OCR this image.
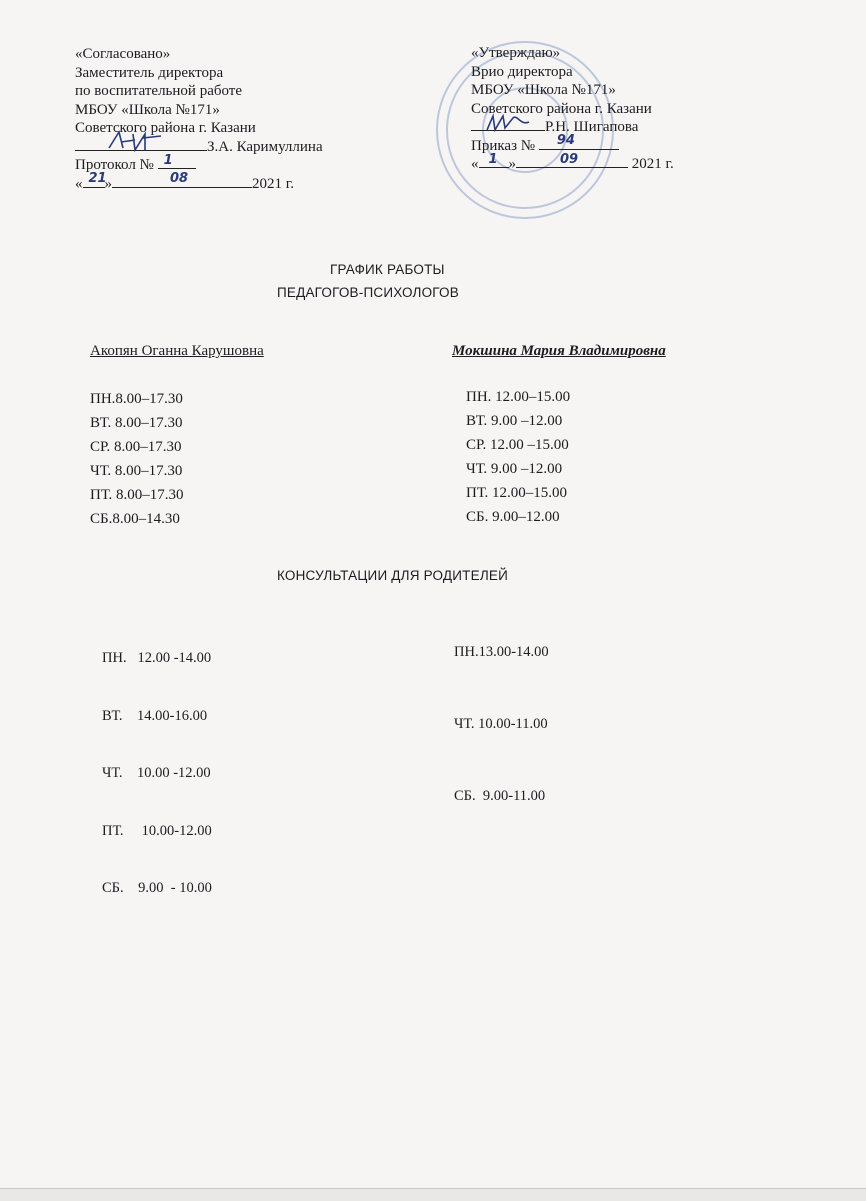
«Согласовано»
Заместитель директора
по воспитательной работе
МБОУ «Школа №171»
Советского района г. Казани
З.А. Каримуллина
Протокол № 1
« 21
»	08	2021 г.
«Утверждаю»
Врио директора
МБОУ «Школа №171»
Советского района г. Казани
Р.Н. Шигапова
Приказ № 94
« 1 »	09	2021 г.
ГРАФИК РАБОТЫ
ПЕДАГОГОВ-ПСИХОЛОГОВ
Акопян Оганна Карушовна
ПН.8.00–17.30
ВТ. 8.00–17.30
СР. 8.00–17.30
ЧТ. 8.00–17.30
ПТ. 8.00–17.30
СБ.8.00–14.30
Мокшина Мария Владимировна
ПН. 12.00–15.00
ВТ. 9.00 –12.00
СР. 12.00 –15.00
ЧТ. 9.00 –12.00
ПТ. 12.00–15.00
СБ. 9.00–12.00
КОНСУЛЬТАЦИИ ДЛЯ РОДИТЕЛЕЙ

ПН.   12.00 -14.00

ВТ.    14.00-16.00

ЧТ.    10.00 -12.00

ПТ.     10.00-12.00

СБ.    9.00  - 10.00

ПН.13.00-14.00

ЧТ. 10.00-11.00

СБ.  9.00-11.00
